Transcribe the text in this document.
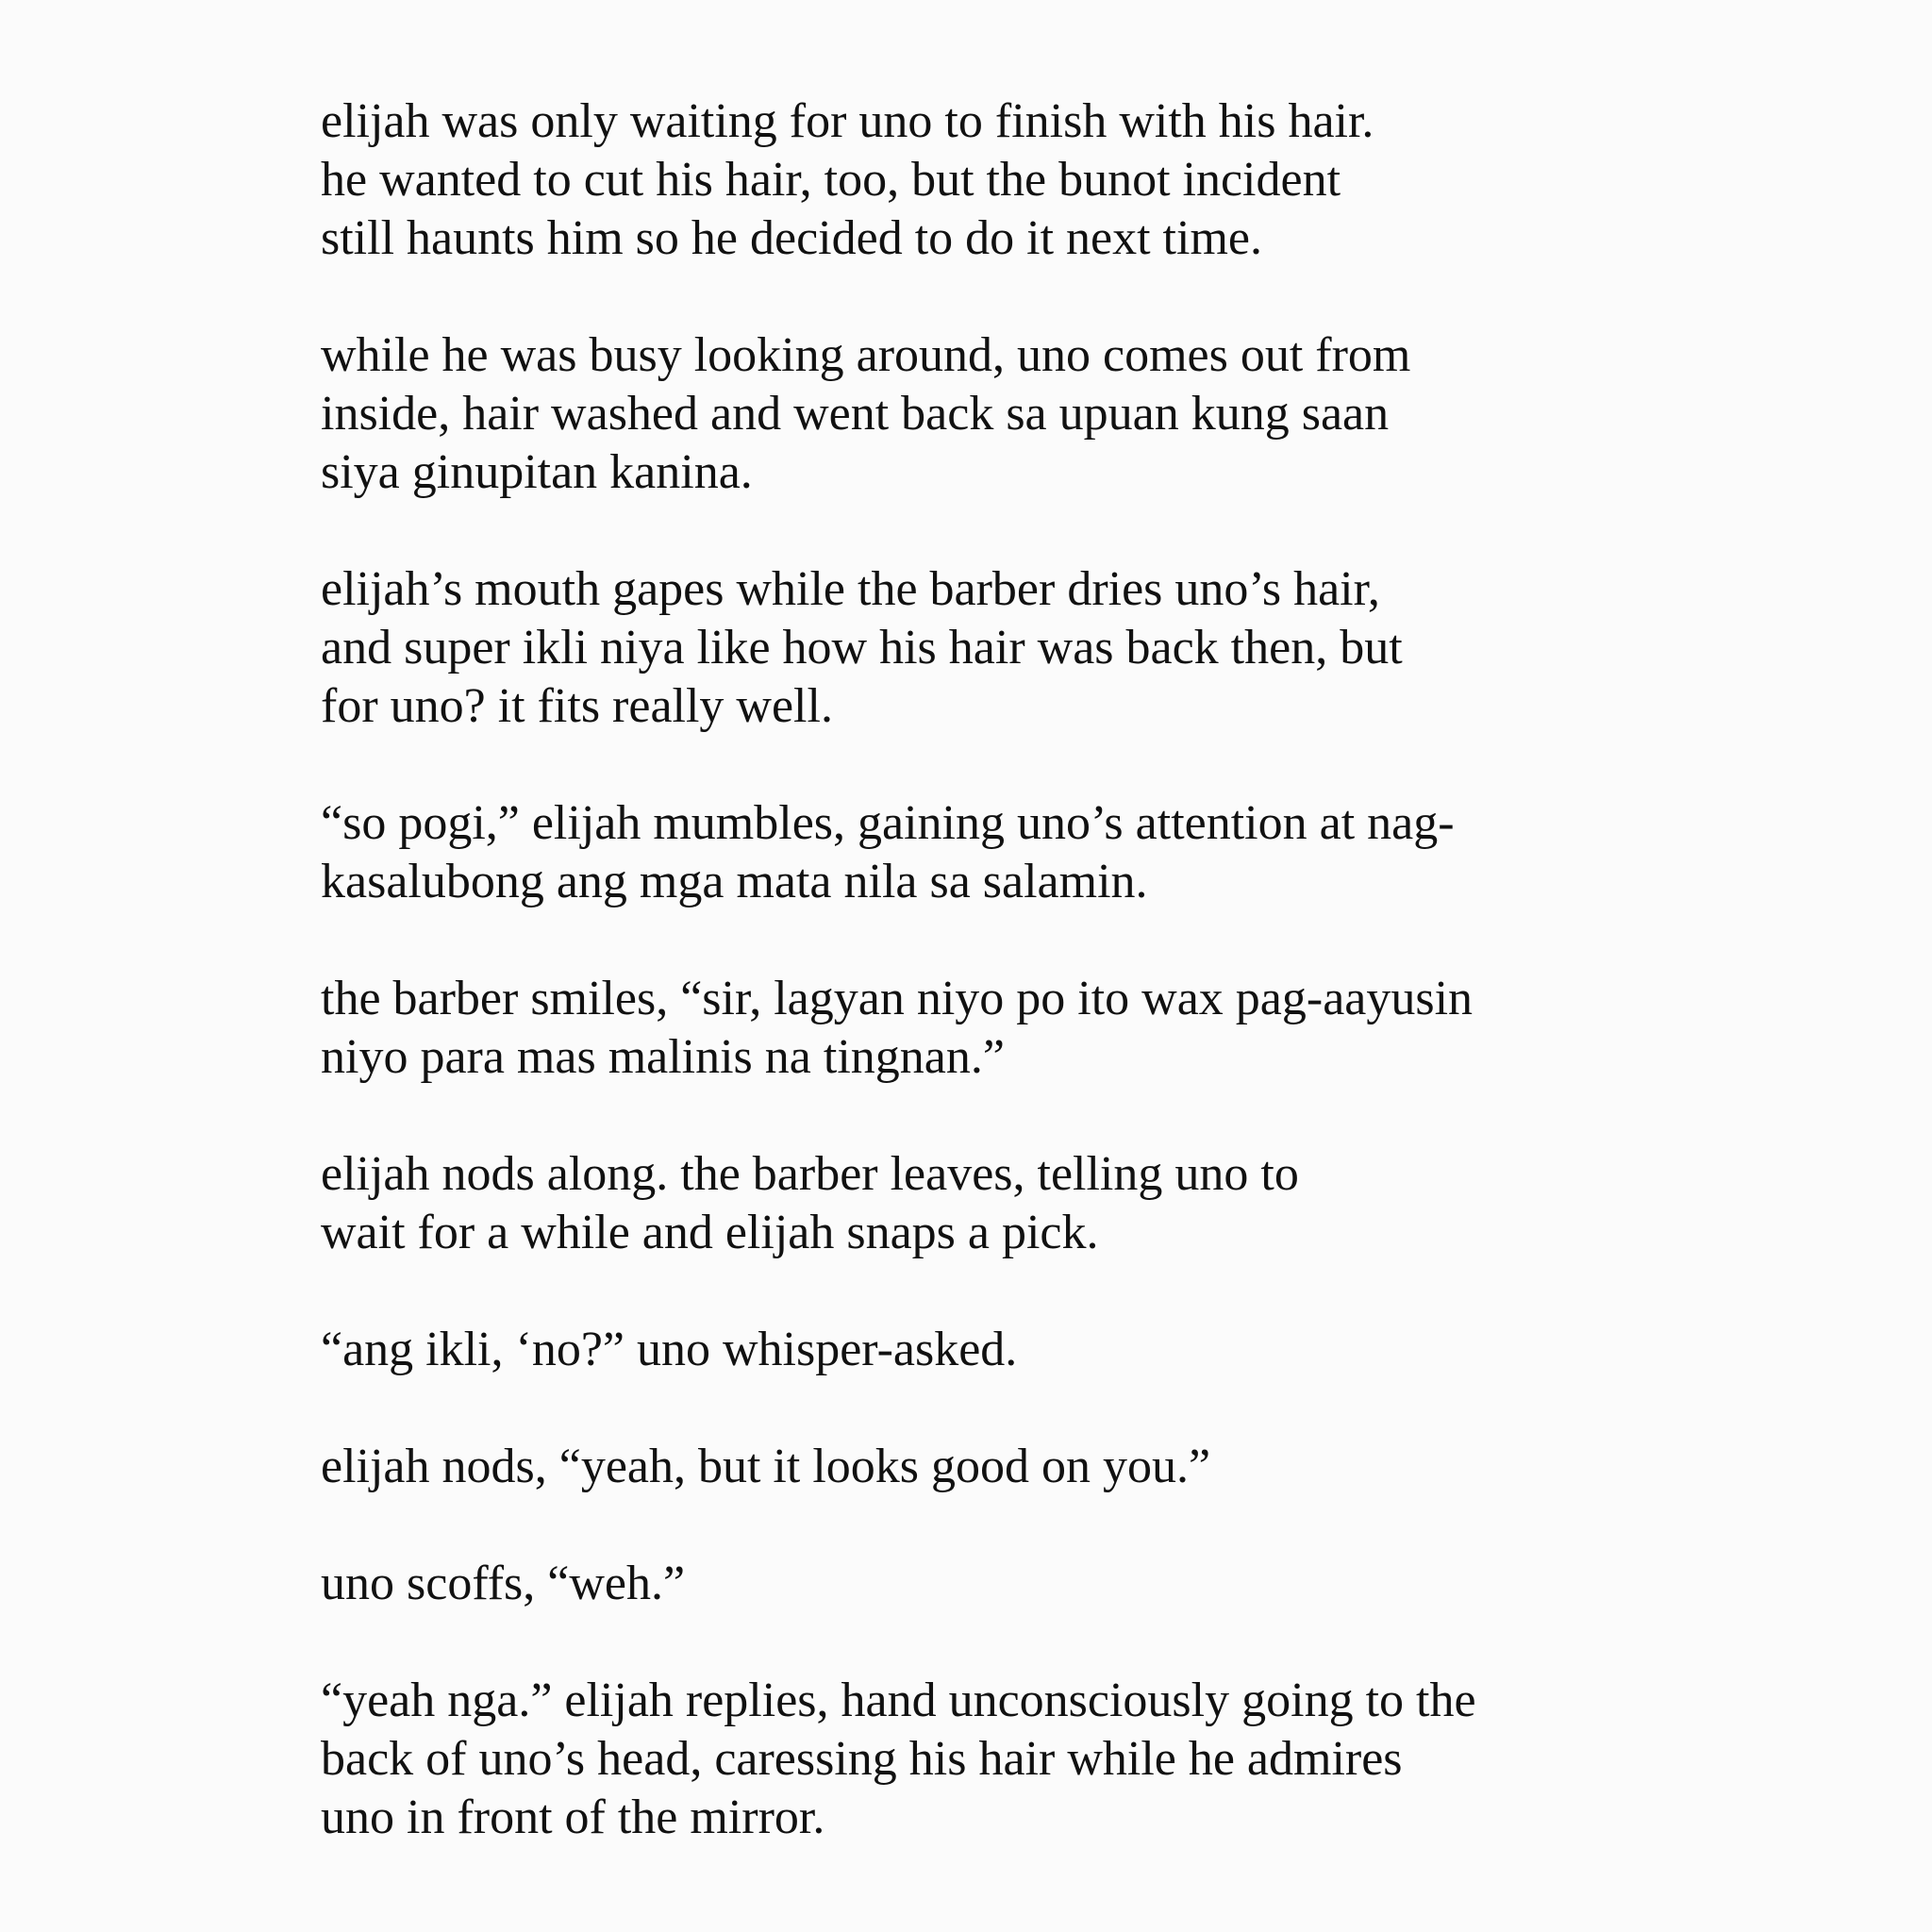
elijah was only waiting for uno to finish with his hair.
he wanted to cut his hair, too, but the bunot incident
still haunts him so he decided to do it next time.

while he was busy looking around, uno comes out from
inside, hair washed and went back sa upuan kung saan
siya ginupitan kanina.

elijah’s mouth gapes while the barber dries uno’s hair,
and super ikli niya like how his hair was back then, but
for uno? it fits really well.

“so pogi,” elijah mumbles, gaining uno’s attention at nag-
kasalubong ang mga mata nila sa salamin.

the barber smiles, “sir, lagyan niyo po ito wax pag-aayusin
niyo para mas malinis na tingnan.”

elijah nods along. the barber leaves, telling uno to
wait for a while and elijah snaps a pick.

“ang ikli, ‘no?” uno whisper-asked.

elijah nods, “yeah, but it looks good on you.”

uno scoffs, “weh.”

“yeah nga.” elijah replies, hand unconsciously going to the
back of uno’s head, caressing his hair while he admires
uno in front of the mirror.
